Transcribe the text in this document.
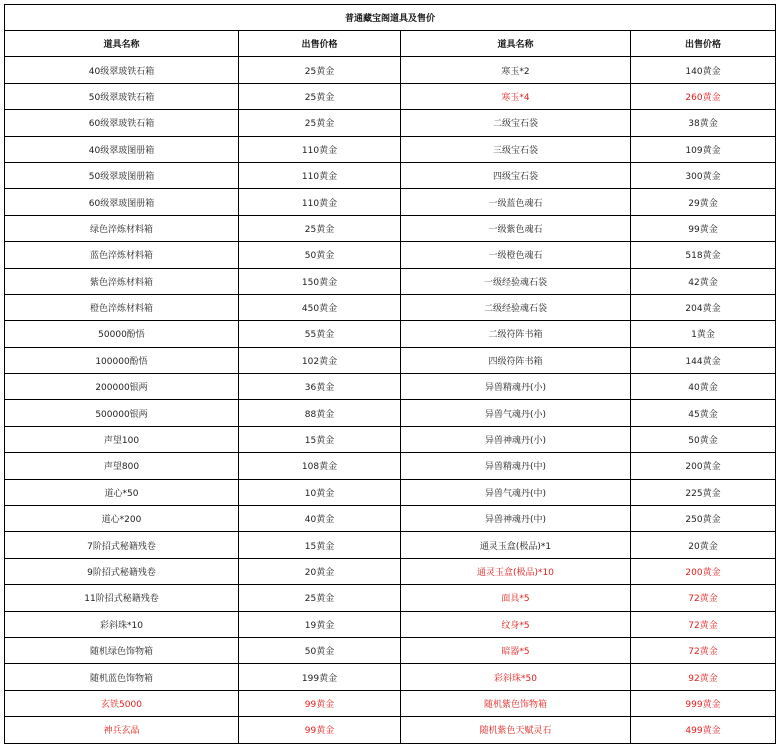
普通藏宝阁道具及售价			
道具名称	出售价格	道具名称	出售价格
40级翠玻铁石箱	25黄金	寒玉*2	140黄金
50级翠玻铁石箱	25黄金	寒玉*4	260黄金
60级翠玻铁石箱	25黄金	二级宝石袋	38黄金
40级翠玻图册箱	110黄金	三级宝石袋	109黄金
50级翠玻图册箱	110黄金	四级宝石袋	300黄金
60级翠玻图册箱	110黄金	一级蓝色魂石	29黄金
绿色淬炼材料箱	25黄金	一级紫色魂石	99黄金
蓝色淬炼材料箱	50黄金	一级橙色魂石	518黄金
紫色淬炼材料箱	150黄金	一级经验魂石袋	42黄金
橙色淬炼材料箱	450黄金	二级经验魂石袋	204黄金
50000酚悟	55黄金	二级符阵书箱	1黄金
100000酚悟	102黄金	四级符阵书箱	144黄金
200000银两	36黄金	异兽精魂丹(小)	40黄金
500000银两	88黄金	异兽气魂丹(小)	45黄金
声望100	15黄金	异兽神魂丹(小)	50黄金
声望800	108黄金	异兽精魂丹(中)	200黄金
道心*50	10黄金	异兽气魂丹(中)	225黄金
道心*200	40黄金	异兽神魂丹(中)	250黄金
7阶招式秘籍残卷	15黄金	通灵玉盒(极品)*1	20黄金
9阶招式秘籍残卷	20黄金	通灵玉盒(极品)*10	200黄金
11阶招式秘籍残卷	25黄金	面具*5	72黄金
彩斜珠*10	19黄金	纹身*5	72黄金
随机绿色饰物箱	50黄金	暗器*5	72黄金
随机蓝色饰物箱	199黄金	彩斜珠*50	92黄金
玄铁5000	99黄金	随机紫色饰物箱	999黄金
神兵玄晶	99黄金	随机紫色天赋灵石	499黄金
